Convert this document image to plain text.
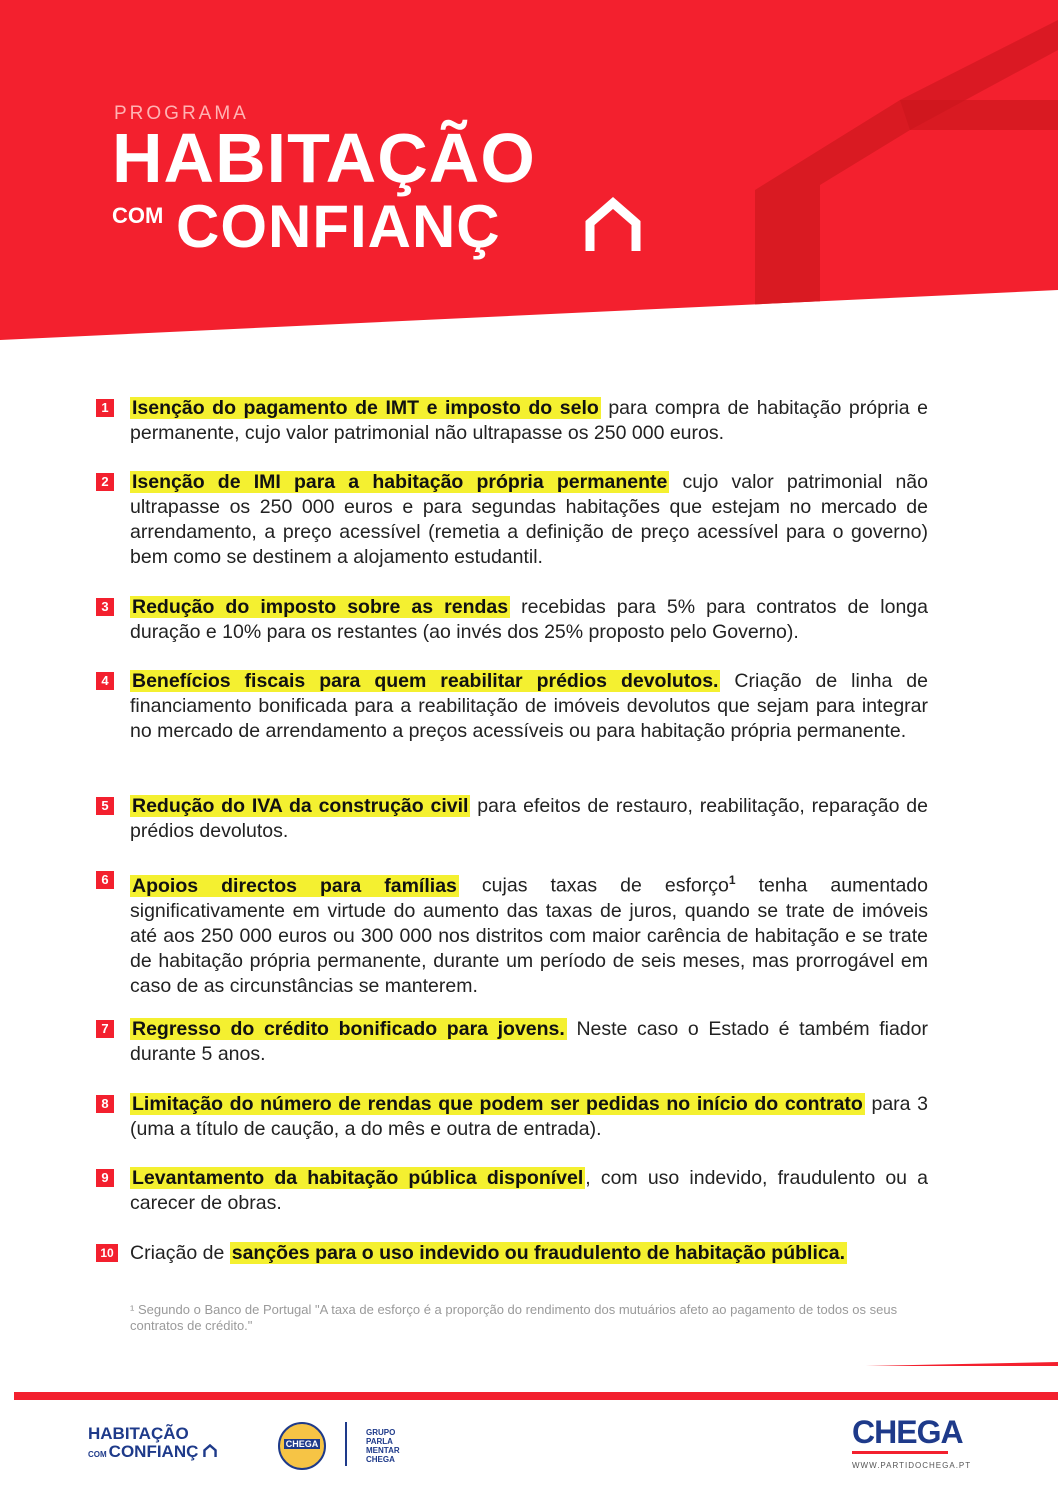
PROGRAMA
HABITAÇÃO
COM CONFIANÇ
1 Isenção do pagamento de IMT e imposto do selo para compra de habitação própria e permanente, cujo valor patrimonial não ultrapasse os 250 000 euros.
2 Isenção de IMI para a habitação própria permanente cujo valor patrimonial não ultrapasse os 250 000 euros e para segundas habitações que estejam no mercado de arrendamento, a preço acessível (remetia a definição de preço acessível para o governo) bem como se destinem a alojamento estudantil.
3 Redução do imposto sobre as rendas recebidas para 5% para contratos de longa duração e 10% para os restantes (ao invés dos 25% proposto pelo Governo).
4 Benefícios fiscais para quem reabilitar prédios devolutos. Criação de linha de financiamento bonificada para a reabilitação de imóveis devolutos que sejam para integrar no mercado de arrendamento a preços acessíveis ou para habitação própria permanente.
5 Redução do IVA da construção civil para efeitos de restauro, reabilitação, reparação de prédios devolutos.
6 Apoios directos para famílias cujas taxas de esforço$^1$ tenha aumentado significativamente em virtude do aumento das taxas de juros, quando se trate de imóveis até aos 250 000 euros ou 300 000 nos distritos com maior carência de habitação e se trate de habitação própria permanente, durante um período de seis meses, mas prorrogável em caso de as circunstâncias se manterem.
7 Regresso do crédito bonificado para jovens. Neste caso o Estado é também fiador durante 5 anos.
8 Limitação do número de rendas que podem ser pedidas no início do contrato para 3 (uma a título de caução, a do mês e outra de entrada).
9 Levantamento da habitação pública disponível , com uso indevido, fraudulento ou a carecer de obras.
10 Criação de sanções para o uso indevido ou fraudulento de habitação pública.
¹ Segundo o Banco de Portugal "A taxa de esforço é a proporção do rendimento dos mutuários afeto ao pagamento de todos os seus contratos de crédito."
HABITAÇÃO
COM CONFIANÇ	CHEGA
GRUPO
PARLA
MENTAR
CHEGA
CHEGA
WWW.PARTIDOCHEGA.PT
